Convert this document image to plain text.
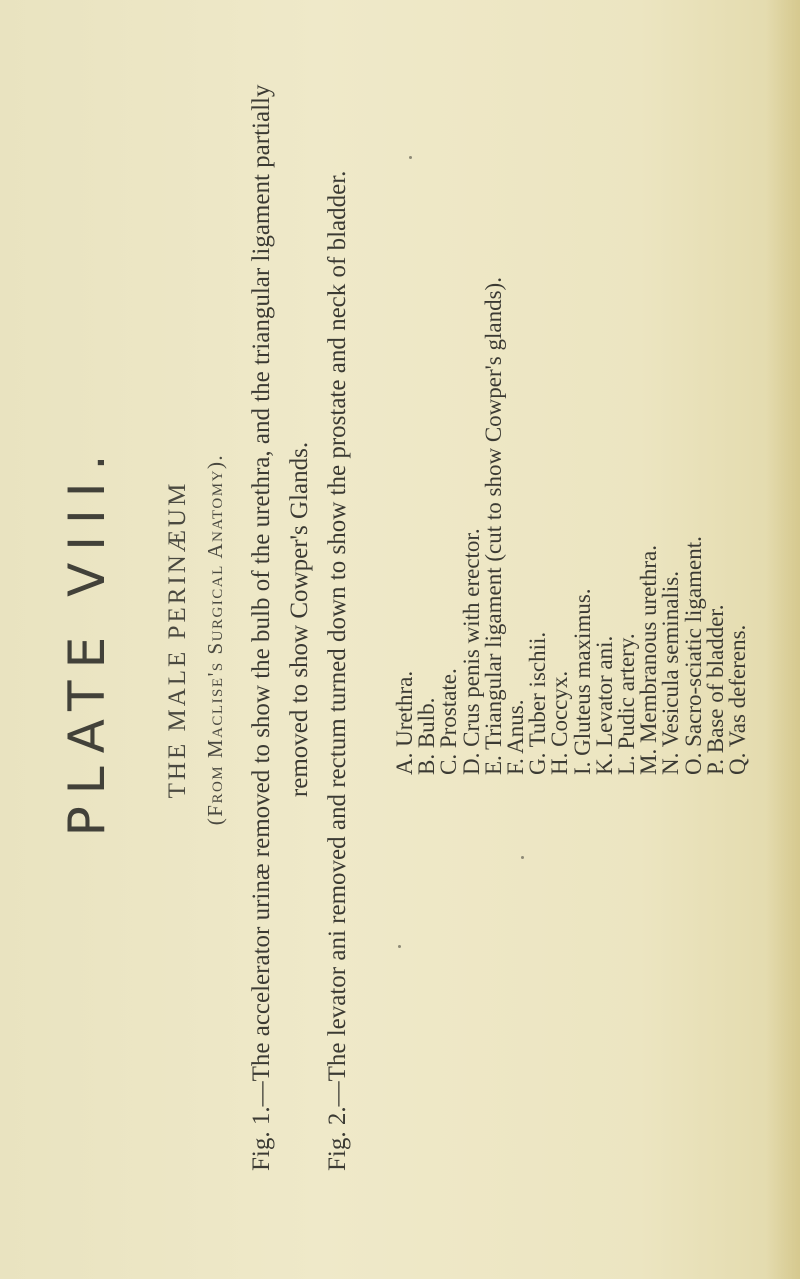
PLATE VIII. THE MALE PERINÆUM (From Maclise's Surgical Anatomy). Fig. 1.—The accelerator urinæ removed to show the bulb of the urethra, and the triangular ligament partially removed to show Cowper's Glands. Fig. 2.—The levator ani removed and rectum turned down to show the prostate and neck of bladder. A. Urethra.
B. Bulb.
C. Prostate.
D. Crus penis with erector.
E. Triangular ligament (cut to show Cowper's glands).
F. Anus.
G. Tuber ischii.
H. Coccyx.
I. Gluteus maximus.
K. Levator ani.
L. Pudic artery.
M. Membranous urethra.
N. Vesicula seminalis.
O. Sacro-sciatic ligament.
P. Base of bladder.
Q. Vas deferens.
